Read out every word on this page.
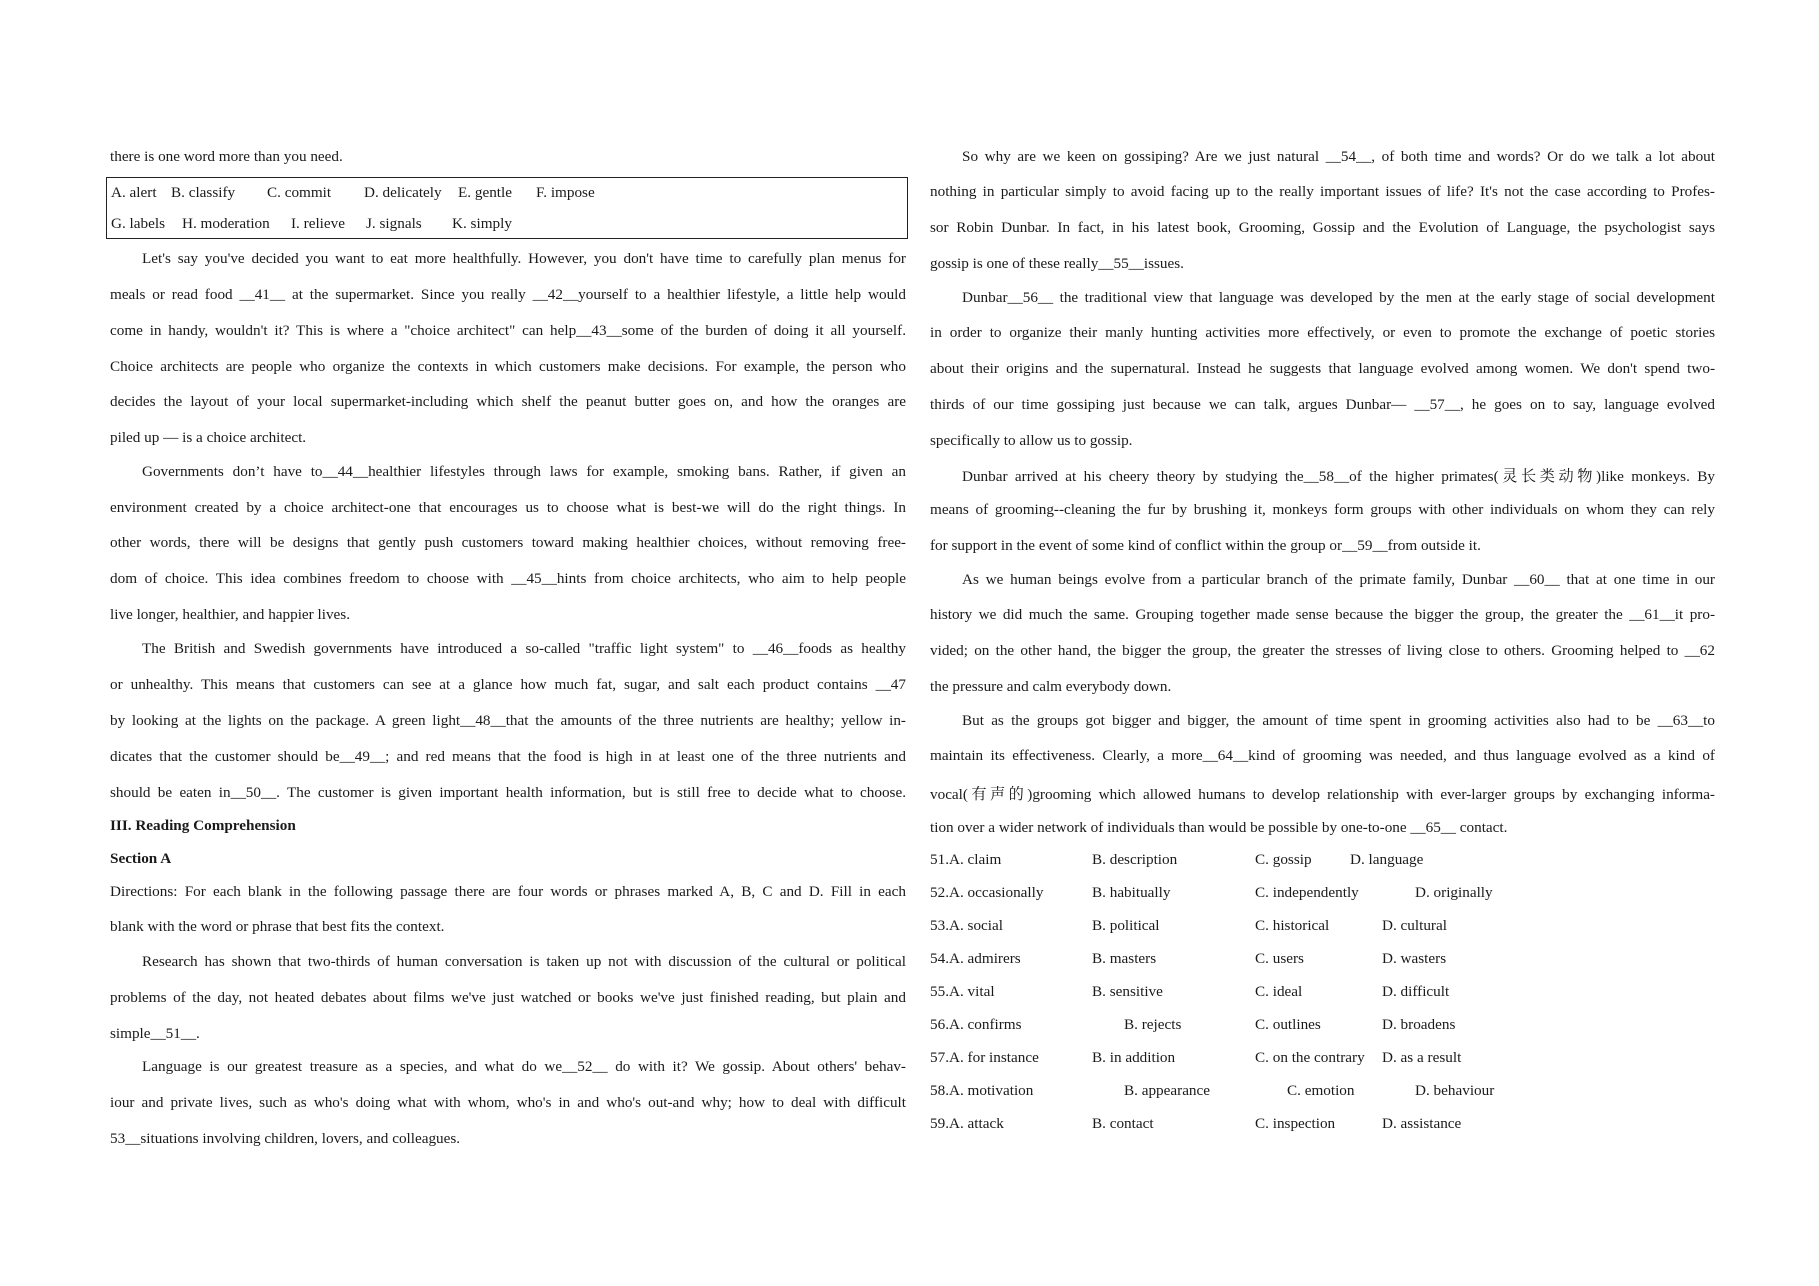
there is one word more than you need.
A. alert B. classify C. commit D. delicately E. gentle F. impose
G. labels H. moderation I. relieve J. signals K. simply
Let's say you've decided you want to eat more healthfully. However, you don't have time to carefully plan menus for
meals or read food __41__ at the supermarket. Since you really __42__yourself to a healthier lifestyle, a little help would
come in handy, wouldn't it? This is where a "choice architect" can help__43__some of the burden of doing it all yourself.
Choice architects are people who organize the contexts in which customers make decisions. For example, the person who
decides the layout of your local supermarket-including which shelf the peanut butter goes on, and how the oranges are
piled up — is a choice architect.
Governments don’t have to__44__healthier lifestyles through laws for example, smoking bans. Rather, if given an
environment created by a choice architect-one that encourages us to choose what is best-we will do the right things. In
other words, there will be designs that gently push customers toward making healthier choices, without removing free-
dom of choice. This idea combines freedom to choose with __45__hints from choice architects, who aim to help people
live longer, healthier, and happier lives.
The British and Swedish governments have introduced a so-called "traffic light system" to __46__foods as healthy
or unhealthy. This means that customers can see at a glance how much fat, sugar, and salt each product contains __47
by looking at the lights on the package. A green light__48__that the amounts of the three nutrients are healthy; yellow in-
dicates that the customer should be__49__; and red means that the food is high in at least one of the three nutrients and
should be eaten in__50__. The customer is given important health information, but is still free to decide what to choose.
III. Reading Comprehension
Section A
Directions: For each blank in the following passage there are four words or phrases marked A, B, C and D. Fill in each
blank with the word or phrase that best fits the context.
Research has shown that two-thirds of human conversation is taken up not with discussion of the cultural or political
problems of the day, not heated debates about films we've just watched or books we've just finished reading, but plain and
simple__51__.
Language is our greatest treasure as a species, and what do we__52__ do with it? We gossip. About others' behav-
iour and private lives, such as who's doing what with whom, who's in and who's out-and why; how to deal with difficult
53__situations involving children, lovers, and colleagues.
So why are we keen on gossiping? Are we just natural __54__, of both time and words? Or do we talk a lot about
nothing in particular simply to avoid facing up to the really important issues of life? It's not the case according to Profes-
sor Robin Dunbar. In fact, in his latest book, Grooming, Gossip and the Evolution of Language, the psychologist says
gossip is one of these really__55__issues.
Dunbar__56__ the traditional view that language was developed by the men at the early stage of social development
in order to organize their manly hunting activities more effectively, or even to promote the exchange of poetic stories
about their origins and the supernatural. Instead he suggests that language evolved among women. We don't spend two-
thirds of our time gossiping just because we can talk, argues Dunbar— __57__, he goes on to say, language evolved
specifically to allow us to gossip.
Dunbar arrived at his cheery theory by studying the__58__of the higher primates(灵长类动物)like monkeys. By
means of grooming--cleaning the fur by brushing it, monkeys form groups with other individuals on whom they can rely
for support in the event of some kind of conflict within the group or__59__from outside it.
As we human beings evolve from a particular branch of the primate family, Dunbar __60__ that at one time in our
history we did much the same. Grouping together made sense because the bigger the group, the greater the __61__it pro-
vided; on the other hand, the bigger the group, the greater the stresses of living close to others. Grooming helped to __62
the pressure and calm everybody down.
But as the groups got bigger and bigger, the amount of time spent in grooming activities also had to be __63__to
maintain its effectiveness. Clearly, a more__64__kind of grooming was needed, and thus language evolved as a kind of
vocal(有声的)grooming which allowed humans to develop relationship with ever-larger groups by exchanging informa-
tion over a wider network of individuals than would be possible by one-to-one __65__ contact.
51.A. claim	B. description	C. gossip	D. language
52.A. occasionally	B. habitually	C. independently	D. originally
53.A. social	B. political	C. historical	D. cultural
54.A. admirers	B. masters	C. users	D. wasters
55.A. vital	B. sensitive	C. ideal	D. difficult
56.A. confirms	B. rejects	C. outlines	D. broadens
57.A. for instance	B. in addition	C. on the contrary D. as a result
58.A. motivation	B. appearance	C. emotion	D. behaviour
59.A. attack	B. contact	C. inspection	D. assistance
